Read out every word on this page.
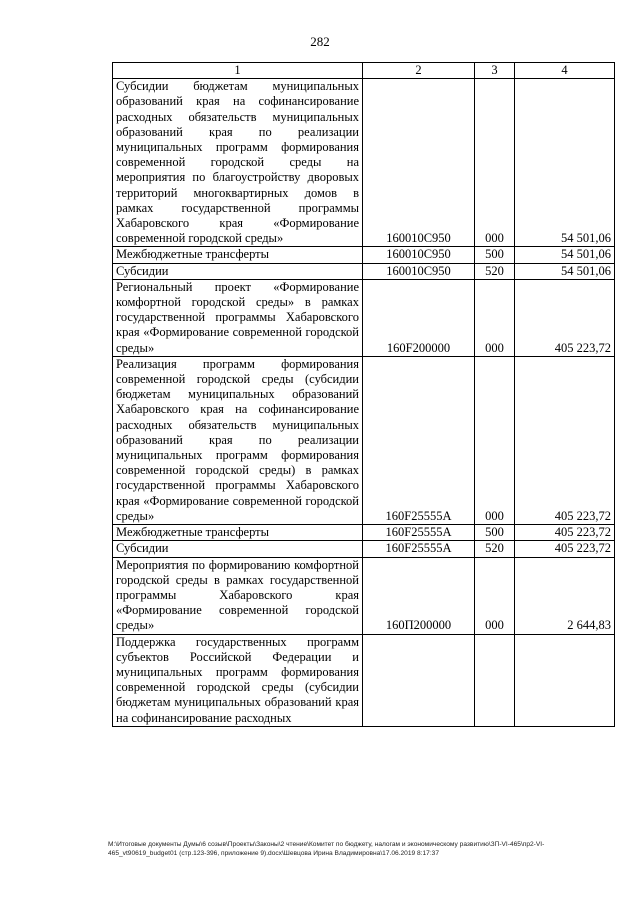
282
1	2	3	4
Субсидии бюджетам муниципальных образований края на софинансирование расходных обязательств муниципальных образований края по реализации муниципальных программ формирования современной городской среды на мероприятия по благоустройству дворовых территорий многоквартирных домов в рамках государственной программы Хабаровского края «Формирование современной городской среды»	160010С950	000	54 501,06
Межбюджетные трансферты	160010С950	500	54 501,06
Субсидии	160010С950	520	54 501,06
Региональный проект «Формирование комфортной городской среды» в рамках государственной программы Хабаровского края «Формирование современной городской среды»	160F200000	000	405 223,72
Реализация программ формирования современной городской среды (субсидии бюджетам муниципальных образований Хабаровского края на софинансирование расходных обязательств муниципальных образований края по реализации муниципальных программ формирования современной городской среды) в рамках государственной программы Хабаровского края «Формирование современной городской среды»	160F25555А	000	405 223,72
Межбюджетные трансферты	160F25555А	500	405 223,72
Субсидии	160F25555А	520	405 223,72
Мероприятия по формированию комфортной городской среды в рамках государственной программы Хабаровского края «Формирование современной городской среды»	160П200000	000	2 644,83
Поддержка государственных программ субъектов Российской Федерации и муниципальных программ формирования современной городской среды (субсидии бюджетам муниципальных образований края на софинансирование расходных			
M:\Итоговые документы Думы\6 созыв\Проекты\Законы\2 чтение\Комитет по бюджету, налогам и экономическому развитию\ЗП-VI-465\пр2-VI-
465_vt90619_budget01 (стр.123-396, приложение 9).docx\Шевцова Ирина Владимировна\17.06.2019 8:17:37
